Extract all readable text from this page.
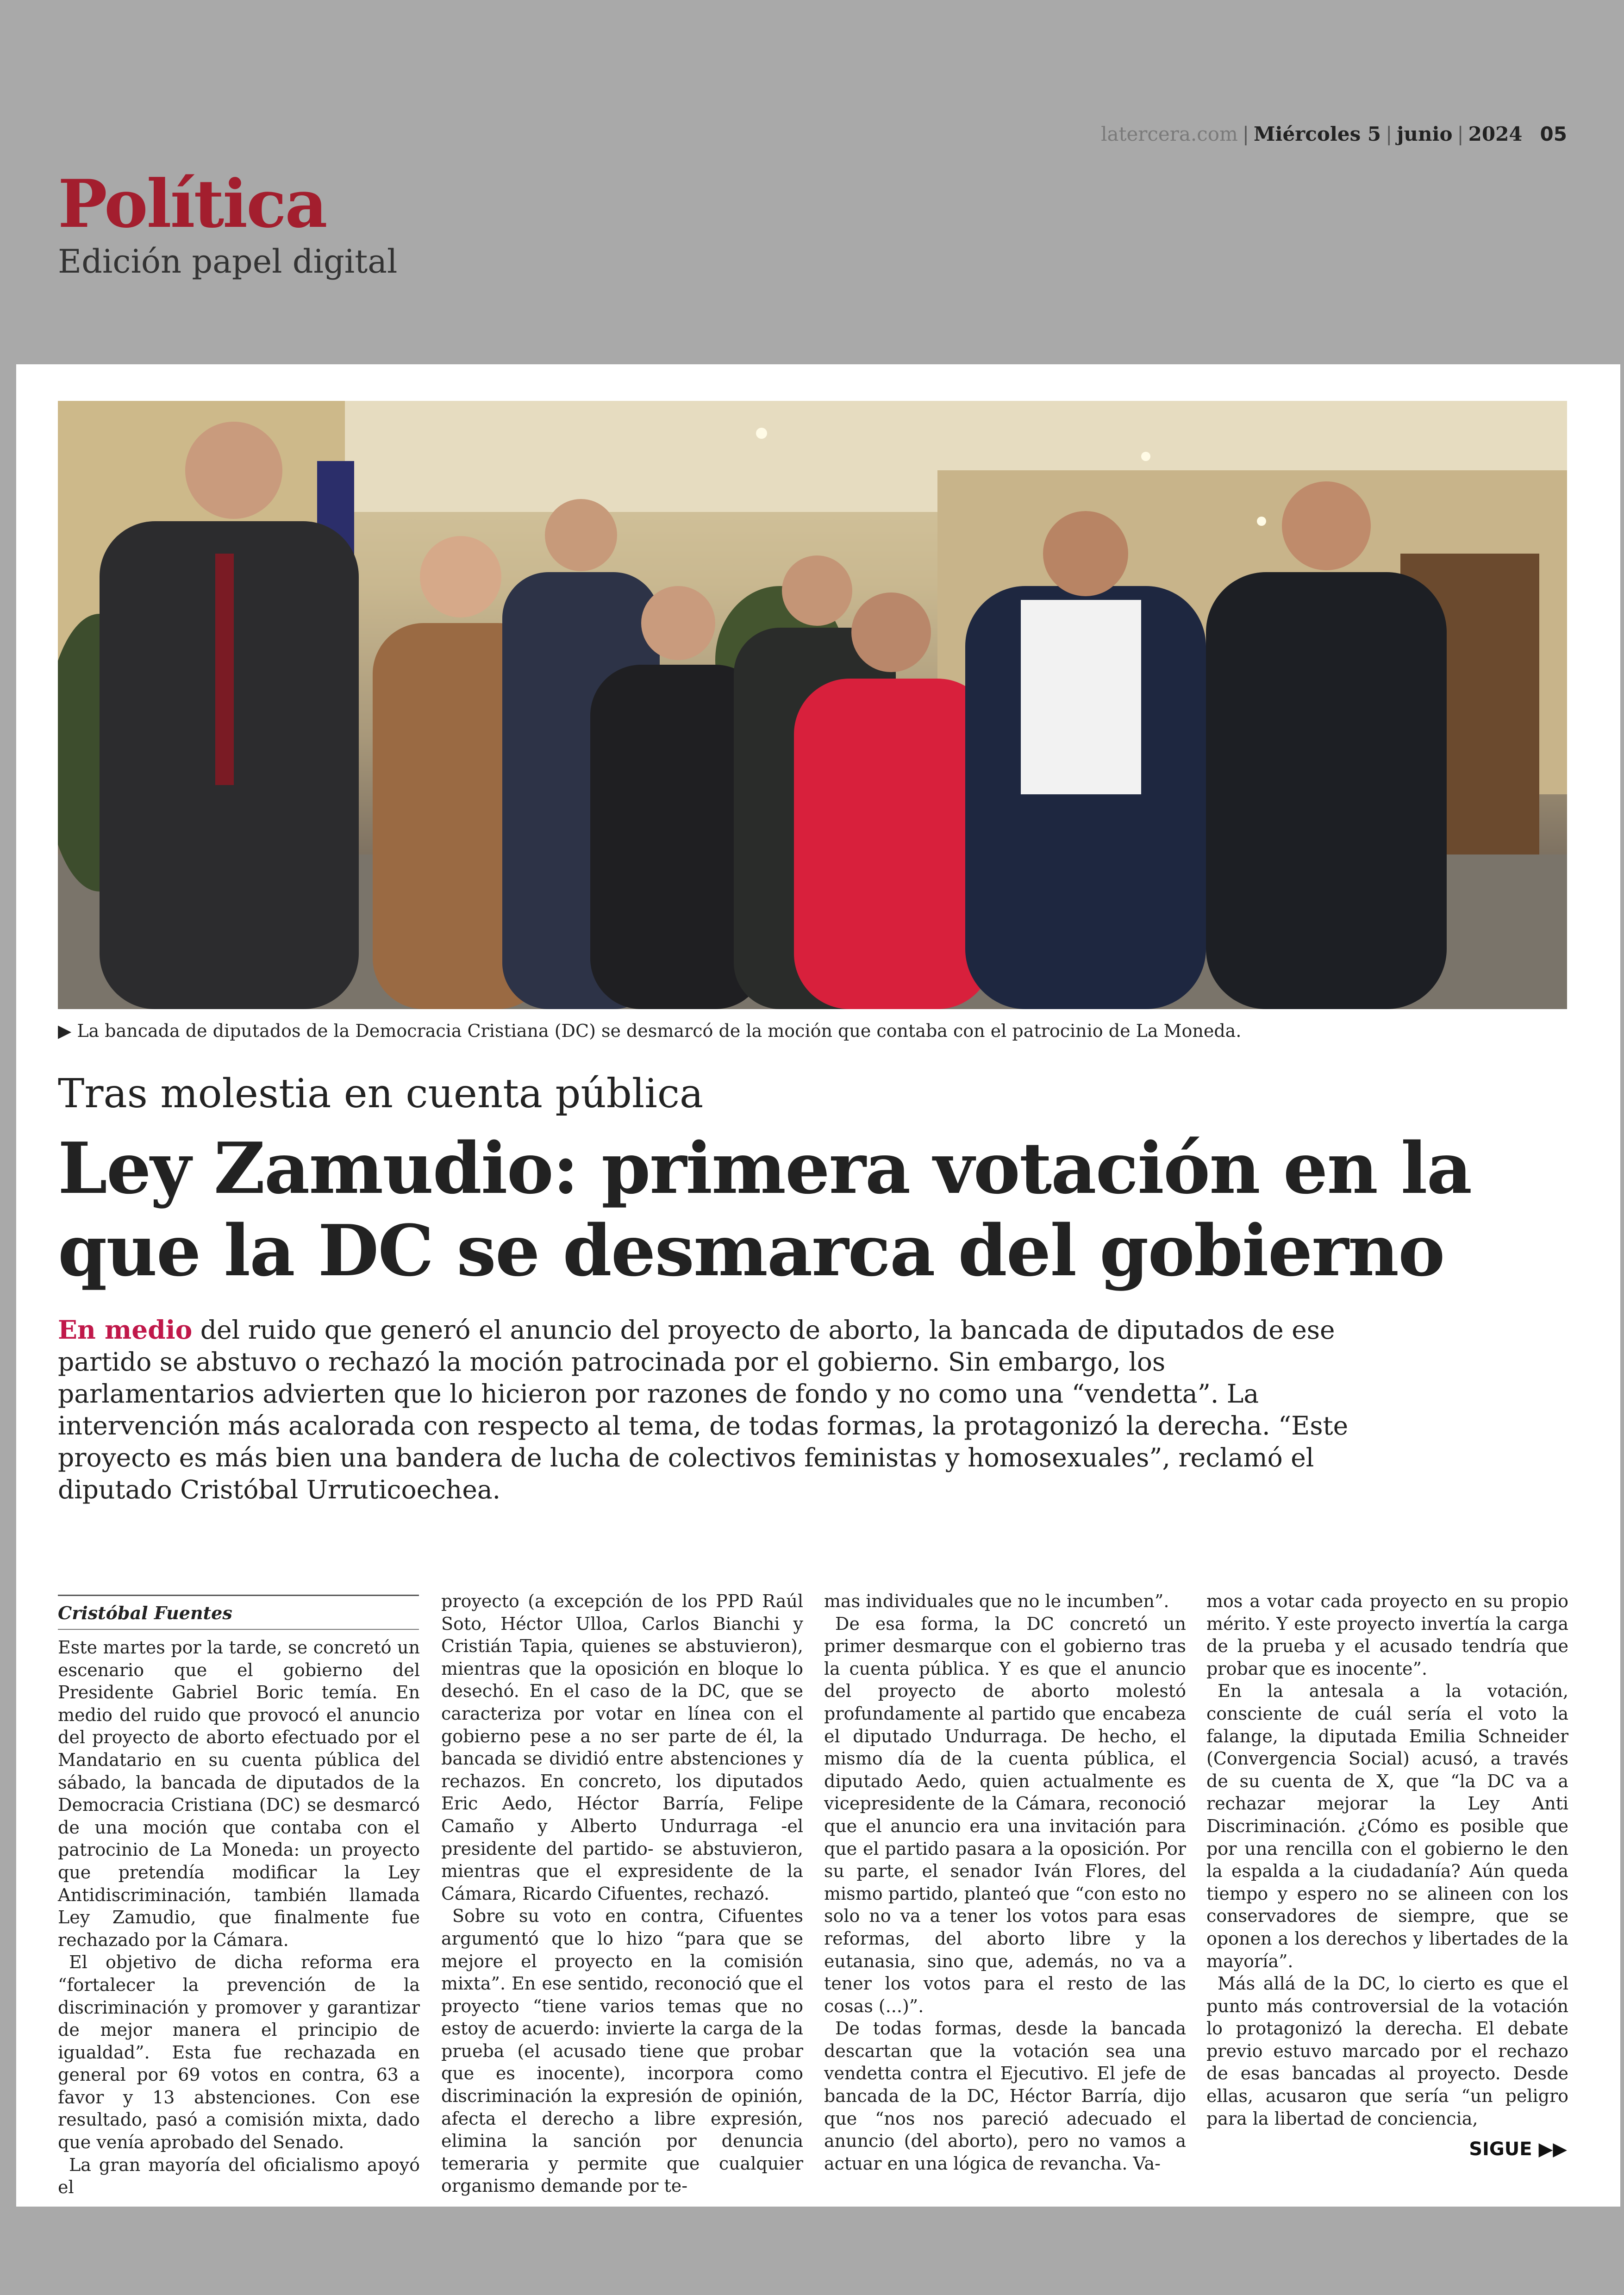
latercera.com | Miércoles 5 | junio | 2024 05
Política
Edición papel digital
▶ La bancada de diputados de la Democracia Cristiana (DC) se desmarcó de la moción que contaba con el patrocinio de La Moneda.
Tras molestia en cuenta pública
Ley Zamudio: primera votación en la que la DC se desmarca del gobierno
En medio del ruido que generó el anuncio del proyecto de aborto, la bancada de diputados de ese partido se abstuvo o rechazó la moción patrocinada por el gobierno. Sin embargo, los parlamentarios advierten que lo hicieron por razones de fondo y no como una “vendetta”. La intervención más acalorada con respecto al tema, de todas formas, la protagonizó la derecha. “Este proyecto es más bien una bandera de lucha de colectivos feministas y homosexuales”, reclamó el diputado Cristóbal Urruticoechea.
Cristóbal Fuentes

Este martes por la tarde, se concretó un escenario que el gobierno del Presidente Gabriel Boric temía. En medio del ruido que provocó el anuncio del proyecto de aborto efectuado por el Mandatario en su cuenta pública del sábado, la bancada de diputados de la Democracia Cristiana (DC) se desmarcó de una moción que contaba con el patrocinio de La Moneda: un proyecto que pretendía modificar la Ley Antidiscriminación, también llamada Ley Zamudio, que finalmente fue rechazado por la Cámara.

El objetivo de dicha reforma era “fortalecer la prevención de la discriminación y promover y garantizar de mejor manera el principio de igualdad”. Esta fue rechazada en general por 69 votos en contra, 63 a favor y 13 abstenciones. Con ese resultado, pasó a comisión mixta, dado que venía aprobado del Senado.

La gran mayoría del oficialismo apoyó el

proyecto (a excepción de los PPD Raúl Soto, Héctor Ulloa, Carlos Bianchi y Cristián Tapia, quienes se abstuvieron), mientras que la oposición en bloque lo desechó. En el caso de la DC, que se caracteriza por votar en línea con el gobierno pese a no ser parte de él, la bancada se dividió entre abstenciones y rechazos. En concreto, los diputados Eric Aedo, Héctor Barría, Felipe Camaño y Alberto Undurraga -el presidente del partido- se abstuvieron, mientras que el expresidente de la Cámara, Ricardo Cifuentes, rechazó.

Sobre su voto en contra, Cifuentes argumentó que lo hizo “para que se mejore el proyecto en la comisión mixta”. En ese sentido, reconoció que el proyecto “tiene varios temas que no estoy de acuerdo: invierte la carga de la prueba (el acusado tiene que probar que es inocente), incorpora como discriminación la expresión de opinión, afecta el derecho a libre expresión, elimina la sanción por denuncia temeraria y permite que cualquier organismo demande por te-

mas individuales que no le incumben”.

De esa forma, la DC concretó un primer desmarque con el gobierno tras la cuenta pública. Y es que el anuncio del proyecto de aborto molestó profundamente al partido que encabeza el diputado Undurraga. De hecho, el mismo día de la cuenta pública, el diputado Aedo, quien actualmente es vicepresidente de la Cámara, reconoció que el anuncio era una invitación para que el partido pasara a la oposición. Por su parte, el senador Iván Flores, del mismo partido, planteó que “con esto no solo no va a tener los votos para esas reformas, del aborto libre y la eutanasia, sino que, además, no va a tener los votos para el resto de las cosas (...)”.

De todas formas, desde la bancada descartan que la votación sea una vendetta contra el Ejecutivo. El jefe de bancada de la DC, Héctor Barría, dijo que “nos nos pareció adecuado el anuncio (del aborto), pero no vamos a actuar en una lógica de revancha. Va-

mos a votar cada proyecto en su propio mérito. Y este proyecto invertía la carga de la prueba y el acusado tendría que probar que es inocente”.

En la antesala a la votación, consciente de cuál sería el voto la falange, la diputada Emilia Schneider (Convergencia Social) acusó, a través de su cuenta de X, que “la DC va a rechazar mejorar la Ley Anti Discriminación. ¿Cómo es posible que por una rencilla con el gobierno le den la espalda a la ciudadanía? Aún queda tiempo y espero no se alineen con los conservadores de siempre, que se oponen a los derechos y libertades de la mayoría”.

Más allá de la DC, lo cierto es que el punto más controversial de la votación lo protagonizó la derecha. El debate previo estuvo marcado por el rechazo de esas bancadas al proyecto. Desde ellas, acusaron que sería “un peligro para la libertad de conciencia,

SIGUE ▶▶
